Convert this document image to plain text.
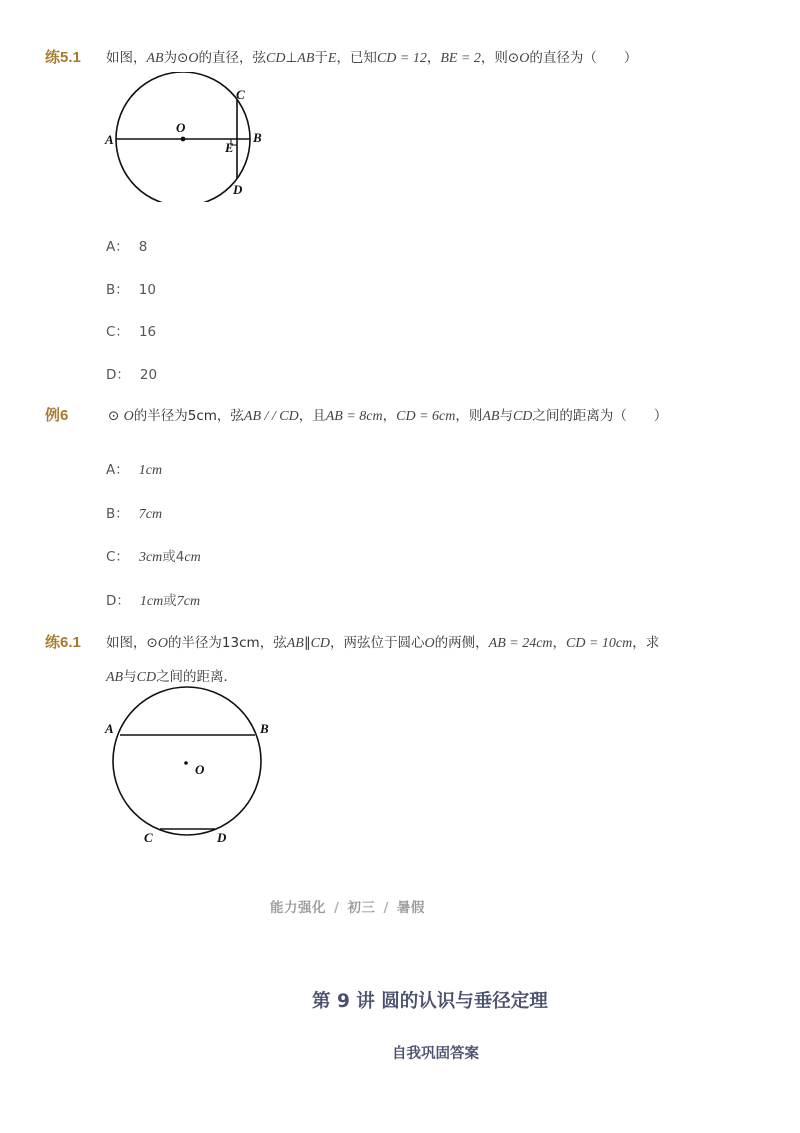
练5.1 如图，AB为⊙O的直径，弦CD⊥AB于E，已知CD = 12，BE = 2，则⊙O的直径为（　　）
A	B
C
D
E
O
A： 8
B： 10
C： 16
D： 20
例6	⊙ O的半径为5cm，弦AB / / CD，且AB = 8cm，CD = 6cm，则AB与CD之间的距离为（　　）
A： 1cm
B： 7cm
C： 3cm或4cm
D： 1cm或7cm
练6.1 如图，⊙O的半径为13cm，弦AB∥CD，两弦位于圆心O的两侧，AB = 24cm，CD = 10cm，求
AB与CD之间的距离．
A	B
C	D
O
能力强化 / 初三 / 暑假
第 9 讲 圆的认识与垂径定理
自我巩固答案
